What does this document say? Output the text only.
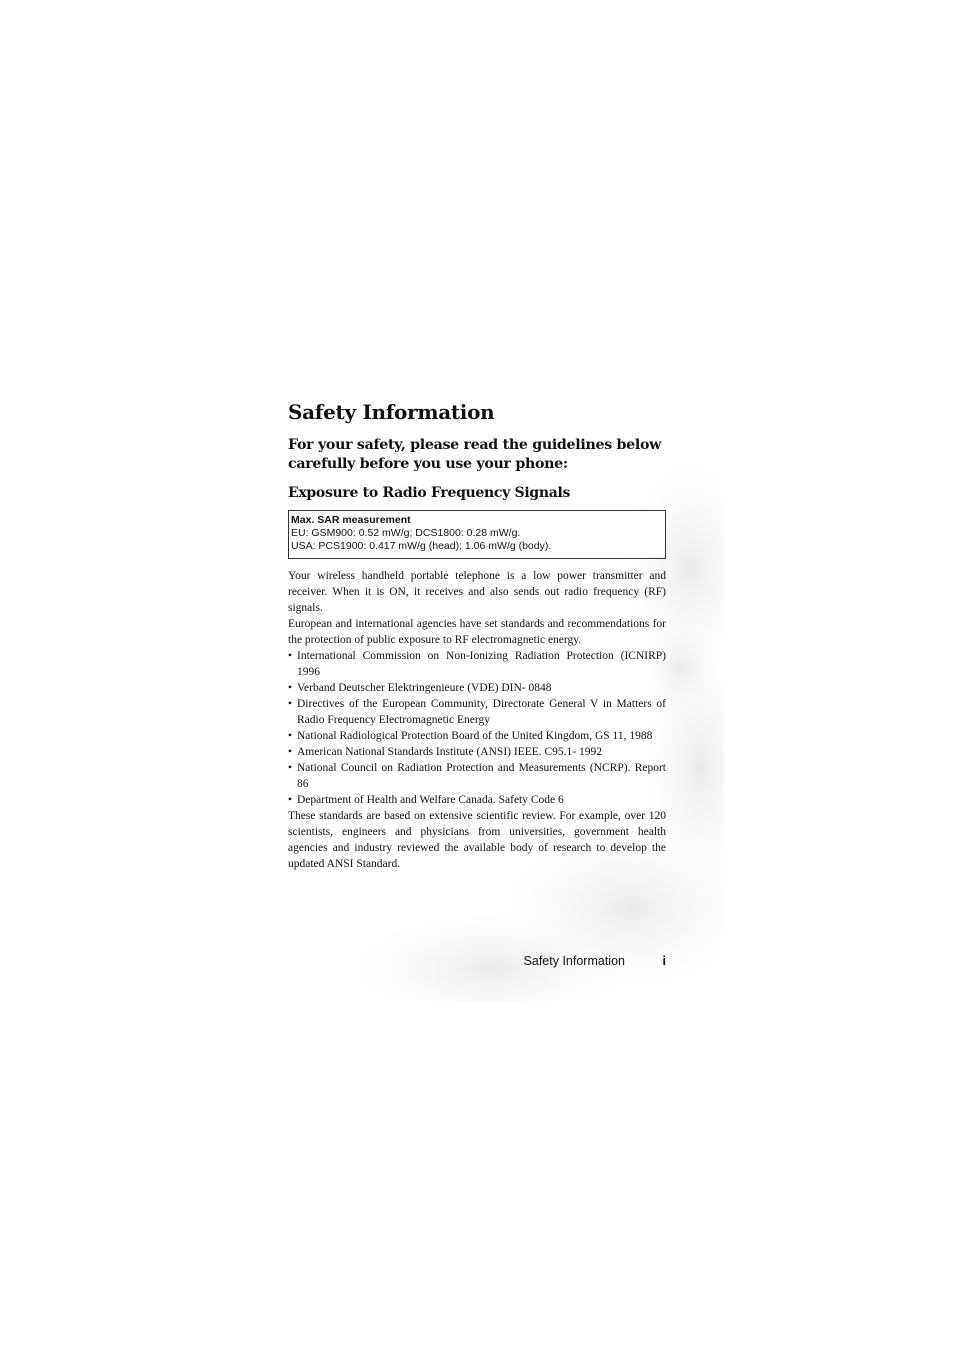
Safety Information

For your safety, please read the guidelines below carefully before you use your phone:

Exposure to Radio Frequency Signals
Max. SAR measurement
EU: GSM900: 0.52 mW/g; DCS1800: 0.28 mW/g.
USA: PCS1900: 0.417 mW/g (head); 1.06 mW/g (body).

Your wireless handheld portable telephone is a low power transmitter and receiver. When it is ON, it receives and also sends out radio frequency (RF) signals.

European and international agencies have set standards and recommendations for the protection of public exposure to RF electromagnetic energy.

• International Commission on Non-Ionizing Radiation Protection (ICNIRP) 1996
• Verband Deutscher Elektringenieure (VDE) DIN- 0848
• Directives of the European Community, Directorate General V in Matters of Radio Frequency Electromagnetic Energy
• National Radiological Protection Board of the United Kingdom, GS 11, 1988
• American National Standards Institute (ANSI) IEEE. C95.1- 1992
• National Council on Radiation Protection and Measurements (NCRP). Report 86
• Department of Health and Welfare Canada. Safety Code 6

These standards are based on extensive scientific review. For example, over 120 scientists, engineers and physicians from universities, government health agencies and industry reviewed the available body of research to develop the updated ANSI Standard.

Safety Information	i
